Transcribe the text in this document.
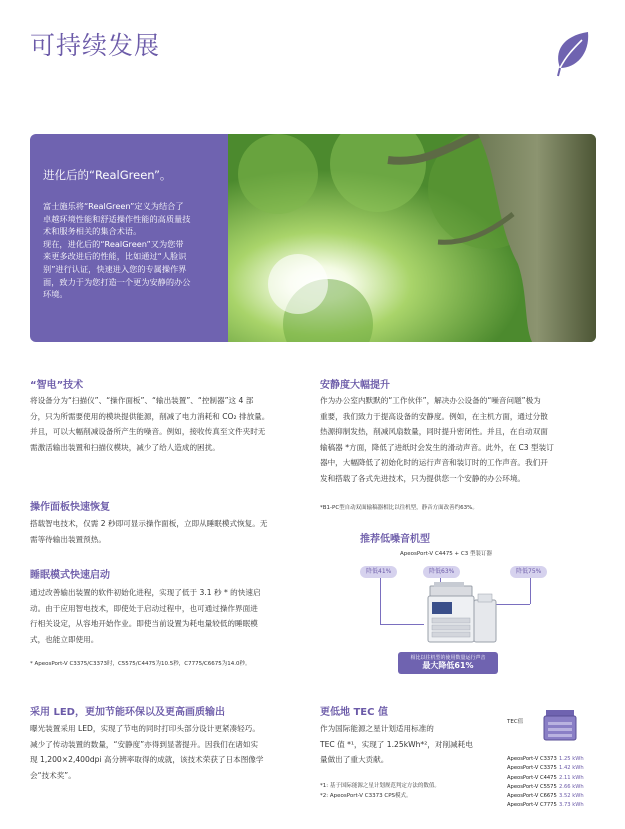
可持续发展
进化后的“RealGreen”。
富士施乐将“RealGreen”定义为结合了
卓越环境性能和舒适操作性能的高质量技
术和服务相关的集合术语。
现在，进化后的“RealGreen”又为您带
来更多改进后的性能，比如通过“人脸识
别”进行认证，快速进入您的专属操作界
面，致力于为您打造一个更为安静的办公
环境。
“智电”技术
将设备分为“扫描仪”、“操作面板”、“输出装置”、“控制器”这 4 部
分，只为所需要使用的模块提供能源，削减了电力消耗和 CO₂ 排放量。
并且，可以大幅削减设备所产生的噪音。例如，接收传真至文件夹时无
需激活输出装置和扫描仪模块，减少了给人造成的困扰。
操作面板快速恢复
搭载智电技术，仅需 2 秒即可显示操作面板，立即从睡眠模式恢复。无
需等待输出装置预热。
睡眠模式快速启动
通过改善输出装置的软件初始化进程，实现了低于 3.1 秒 * 的快速启
动。由于应用智电技术，即使处于启动过程中，也可通过操作界面进
行相关设定，从容地开始作业。即使当前设置为耗电量较低的睡眠模
式，也能立即使用。
* ApeosPort-V C3375/C3373时，C5575/C4475为10.5秒，C7775/C6675为14.0秒。
采用 LED，更加节能环保以及更高画质输出
曝光装置采用 LED，实现了节电的同时打印头部分设计更紧凑轻巧。
减少了传动装置的数量，“安静度”亦得到显著提升。因我们在诸如实
现 1,200×2,400dpi 高分辨率取得的成就，该技术荣获了日本图像学
会“技术奖”。
安静度大幅提升
作为办公室内默默的“工作伙伴”，解决办公设备的“噪音问题”极为
重要，我们致力于提高设备的安静度。例如，在主机方面，通过分散
热源抑制发热，削减风扇数量，同时提升密闭性。并且，在自动双面
输稿器 *方面，降低了进纸时会发生的滑动声音。此外，在 C3 型装订
器中，大幅降低了初始化时的运行声音和装订时的工作声音。我们开
发和搭载了各式先进技术，只为提供您一个安静的办公环境。
*B1-PC型自动双面输稿器相比以往机型，静音方面改善约63%。
推荐低噪音机型
ApeosPort-V C4475 + C3 型装订器
降低41%	降低63%	降低75%
相比以往机型的使用数量运行声音
最大降低61%
更低地 TEC 值
作为国际能源之星计划适用标准的
TEC 值 *¹，实现了 1.25kWh*²，对削减耗电
量做出了重大贡献。
*1: 基于国际能源之星计划规范判定方法的数值。
*2: ApeosPort-V C3373 CPS模式。
TEC值
ApeosPort-V C3373 1.25 kWh
ApeosPort-V C3375 1.42 kWh
ApeosPort-V C4475 2.11 kWh
ApeosPort-V C5575 2.66 kWh
ApeosPort-V C6675 3.52 kWh
ApeosPort-V C7775 3.73 kWh
